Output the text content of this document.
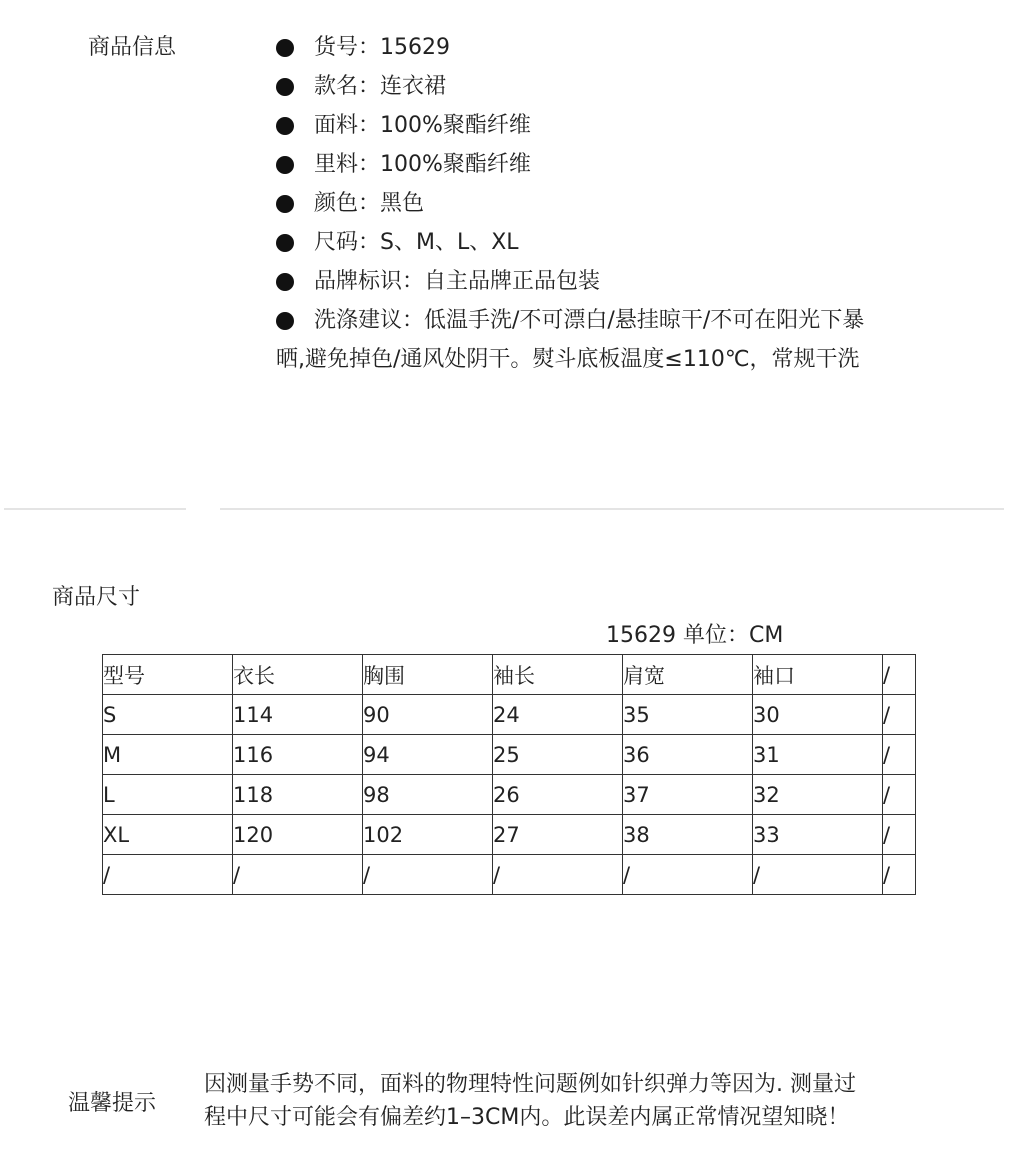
商品信息	货号：15629
款名：连衣裙
面料：100%聚酯纤维
里料：100%聚酯纤维
颜色：黑色
尺码：S、M、L、XL
品牌标识：自主品牌正品包装
洗涤建议：低温手洗/不可漂白/悬挂晾干/不可在阳光下暴
晒,避免掉色/通风处阴干。熨斗底板温度≤110℃，常规干洗
商品尺寸
15629 单位：CM
型号	衣长	胸围	袖长	肩宽	袖口	/
S	114	90	24	35	30	/
M	116	94	25	36	31	/
L	118	98	26	37	32	/
XL	120	102	27	38	33	/
/	/	/	/	/	/	/
温馨提示
因测量手势不同，面料的物理特性问题例如针织弹力等因为. 测量过
程中尺寸可能会有偏差约1–3CM内。此误差内属正常情况望知晓！
